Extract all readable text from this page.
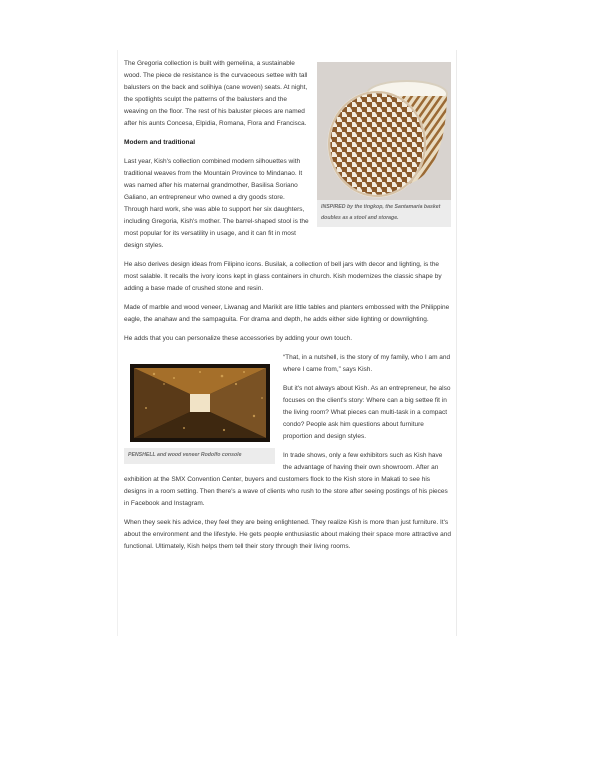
INSPIRED by the tingkop, the Santamaria basket doubles as a stool and storage.

The Gregoria collection is built with gemelina, a sustainable wood. The piece de resistance is the curvaceous settee with tall balusters on the back and solihiya (cane woven) seats. At night, the spotlights sculpt the patterns of the balusters and the weaving on the floor. The rest of his baluster pieces are named after his aunts Concesa, Elpidia, Romana, Flora and Francisca.

Modern and traditional

Last year, Kish's collection combined modern silhouettes with traditional weaves from the Mountain Province to Mindanao. It was named after his maternal grandmother, Basilisa Soriano Galiano, an entrepreneur who owned a dry goods store. Through hard work, she was able to support her six daughters, including Gregoria, Kish's mother. The barrel-shaped stool is the most popular for its versatility in usage, and it can fit in most design styles.

He also derives design ideas from Filipino icons. Busilak, a collection of bell jars with decor and lighting, is the most salable. It recalls the ivory icons kept in glass containers in church. Kish modernizes the classic shape by adding a base made of crushed stone and resin.

Made of marble and wood veneer, Liwanag and Marikit are little tables and planters embossed with the Philippine eagle, the anahaw and the sampaguita. For drama and depth, he adds either side lighting or downlighting.

He adds that you can personalize these accessories by adding your own touch.

PENSHELL and wood veneer Rodolfo console

“That, in a nutshell, is the story of my family, who I am and where I came from,” says Kish.

But it's not always about Kish. As an entrepreneur, he also focuses on the client's story: Where can a big settee fit in the living room? What pieces can multi-task in a compact condo? People ask him questions about furniture proportion and design styles.

In trade shows, only a few exhibitors such as Kish have the advantage of having their own showroom. After an exhibition at the SMX Convention Center, buyers and customers flock to the Kish store in Makati to see his designs in a room setting. Then there's a wave of clients who rush to the store after seeing postings of his pieces in Facebook and Instagram.

When they seek his advice, they feel they are being enlightened. They realize Kish is more than just furniture. It's about the environment and the lifestyle. He gets people enthusiastic about making their space more attractive and functional. Ultimately, Kish helps them tell their story through their living rooms.
